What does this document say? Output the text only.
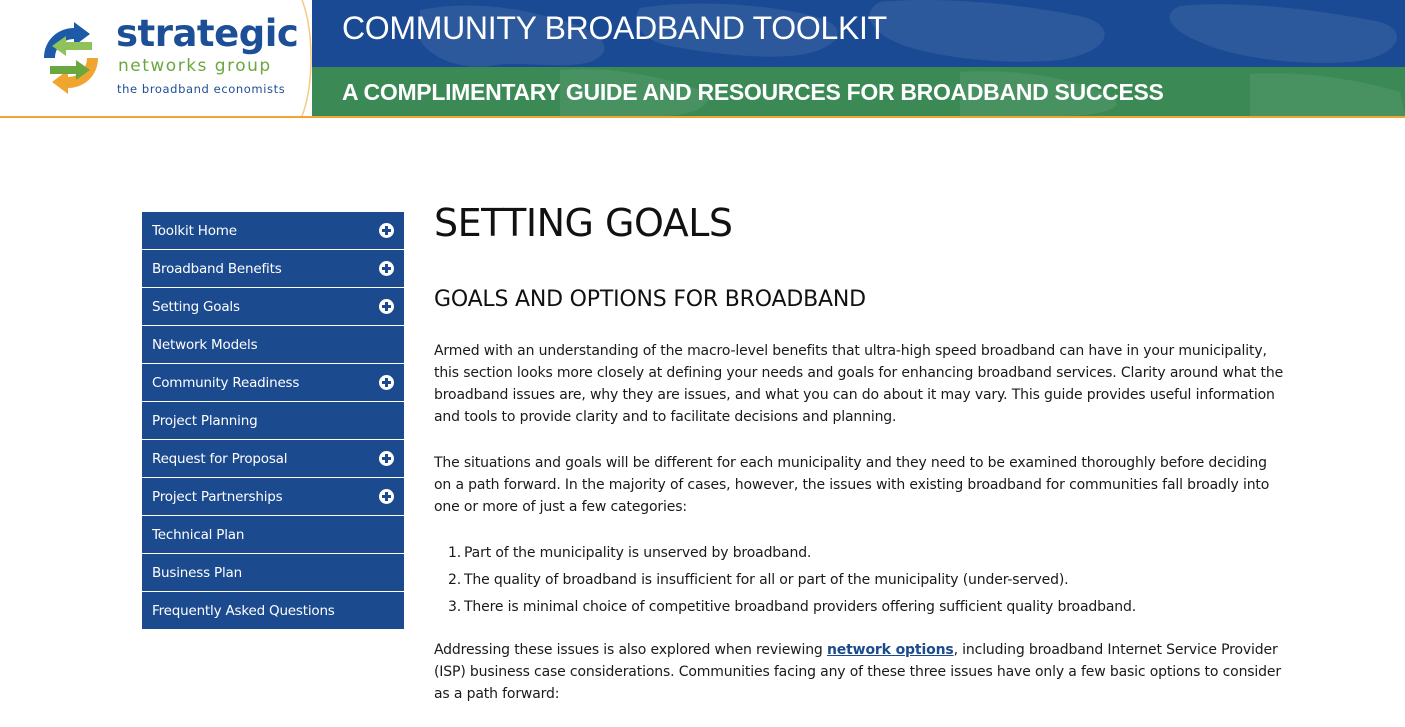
strategic
networks group
the broadband economists
COMMUNITY BROADBAND TOOLKIT
A COMPLIMENTARY GUIDE AND RESOURCES FOR BROADBAND SUCCESS
Toolkit Home
Broadband Benefits
Setting Goals
Network Models
Community Readiness
Project Planning
Request for Proposal
Project Partnerships
Technical Plan
Business Plan
Frequently Asked Questions
SETTING GOALS
GOALS AND OPTIONS FOR BROADBAND

Armed with an understanding of the macro-level benefits that ultra-high speed broadband can have in your municipality, this section looks more closely at defining your needs and goals for enhancing broadband services. Clarity around what the broadband issues are, why they are issues, and what you can do about it may vary. This guide provides useful information and tools to provide clarity and to facilitate decisions and planning.

The situations and goals will be different for each municipality and they need to be examined thoroughly before deciding on a path forward. In the majority of cases, however, the issues with existing broadband for communities fall broadly into one or more of just a few categories:

1. Part of the municipality is unserved by broadband.
2. The quality of broadband is insufficient for all or part of the municipality (under-served).
3. There is minimal choice of competitive broadband providers offering sufficient quality broadband.

Addressing these issues is also explored when reviewing network options, including broadband Internet Service Provider (ISP) business case considerations. Communities facing any of these three issues have only a few basic options to consider as a path forward:
